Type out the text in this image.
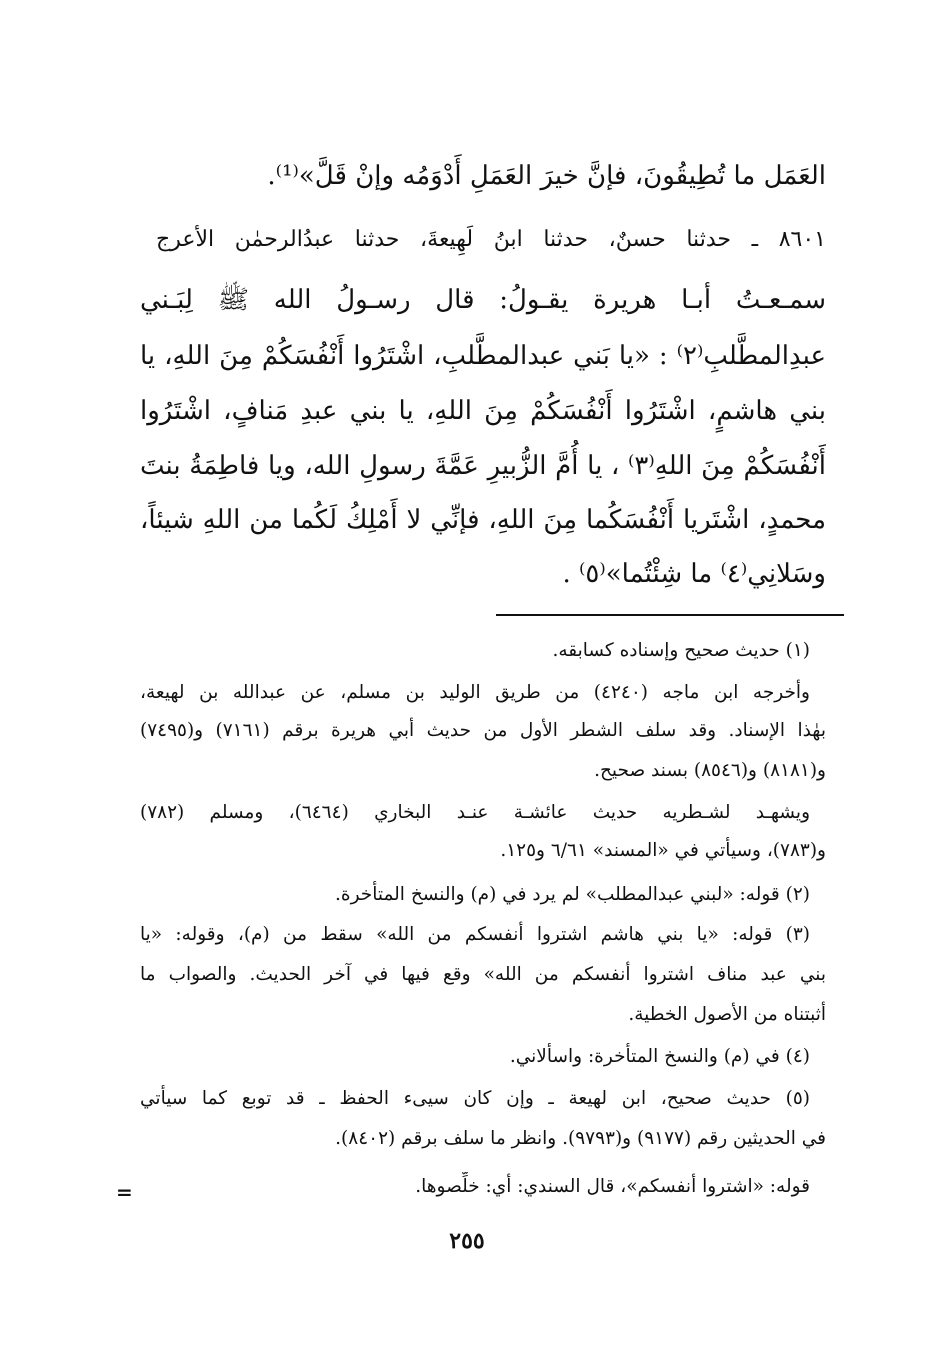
العَمَل ما تُطِيقُونَ، فإنَّ خيرَ العَمَلِ أَدْوَمُه وإنْ قَلَّ»⁽¹⁾.
٨٦٠١ ـ حدثنا حسنٌ، حدثنا ابنُ لَهِيعةَ، حدثنا عبدُالرحمٰن الأعرج
سمـعـتُ أبـا هريرة يقـولُ: قال رسـولُ الله ﷺ لِبَـني
عبدِالمطَّلبِ⁽٢⁾ : «يا بَني عبدالمطَّلبِ، اشْتَرُوا أَنْفُسَكُمْ مِنَ اللهِ، يا
بني هاشمٍ، اشْتَرُوا أَنْفُسَكُمْ مِنَ اللهِ، يا بني عبدِ مَنافٍ، اشْتَرُوا
أَنْفُسَكُمْ مِنَ اللهِ⁽٣⁾ ، يا أُمَّ الزُّبيرِ عَمَّةَ رسولِ الله، ويا فاطِمَةُ بنتَ
محمدٍ، اشْتَريا أَنْفُسَكُما مِنَ اللهِ، فإنِّي لا أَمْلِكُ لَكُما من اللهِ شيئاً،
وسَلانِي⁽٤⁾ ما شِئْتُما»⁽٥⁾ .
(١) حديث صحيح وإسناده كسابقه.
وأخرجه ابن ماجه (٤٢٤٠) من طريق الوليد بن مسلم، عن عبدالله بن لهيعة،
بهٰذا الإسناد. وقد سلف الشطر الأول من حديث أبي هريرة برقم (٧١٦١) و(٧٤٩٥)
و(٨١٨١) و(٨٥٤٦) بسند صحيح.
ويشهـد لشـطريه حديث عائشـة عنـد البخاري (٦٤٦٤)، ومسلم (٧٨٢)
و(٧٨٣)، وسيأتي في «المسند» ٦/٦١ و١٢٥.
(٢) قوله: «لبني عبدالمطلب» لم يرد في (م) والنسخ المتأخرة.
(٣) قوله: «يا بني هاشم اشتروا أنفسكم من الله» سقط من (م)، وقوله: «يا
بني عبد مناف اشتروا أنفسكم من الله» وقع فيها في آخر الحديث. والصواب ما
أثبتناه من الأصول الخطية.
(٤) في (م) والنسخ المتأخرة: واسألاني.
(٥) حديث صحيح، ابن لهيعة ـ وإن كان سيىء الحفظ ـ قد توبع كما سيأتي
في الحديثين رقم (٩١٧٧) و(٩٧٩٣). وانظر ما سلف برقم (٨٤٠٢).
قوله: «اشتروا أنفسكم»، قال السندي: أي: خلِّصوها.
=
٢٥٥
